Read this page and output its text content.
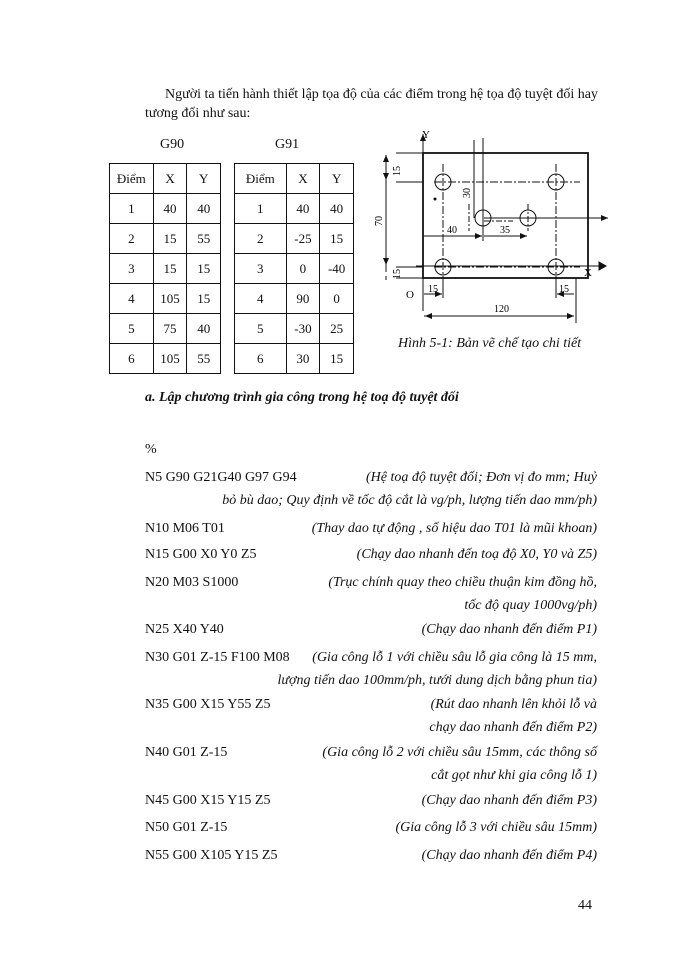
Người ta tiến hành thiết lập tọa độ của các điểm trong hệ tọa độ tuyệt đối hay
tương đối như sau:
G90	G91
Điểm	X	Y
1	40	40
2	15	55
3	15	15
4	105	15
5	75	40
6	105	55
Điểm	X	Y
1	40	40
2	-25	15
3	0	-40
4	90	0
5	-30	25
6	30	15
Y
X
O
15
70
15
30
40	35
15	15
120
Hình 5-1: Bản vẽ chế tạo chi tiết
a. Lập chương trình gia công trong hệ toạ độ tuyệt đối
%
N5 G90 G21G40 G97 G94	(Hệ toạ độ tuyệt đối; Đơn vị đo mm; Huỷ
bỏ bù dao; Quy định về tốc độ cắt là vg/ph, lượng tiến dao mm/ph)
N10 M06 T01	(Thay dao tự động , số hiệu dao T01 là mũi khoan)
N15 G00 X0 Y0 Z5	(Chạy dao nhanh đến toạ độ X0, Y0 và Z5)
N20 M03 S1000	(Trục chính quay theo chiều thuận kim đồng hồ,
tốc độ quay 1000vg/ph)
N25 X40 Y40	(Chạy dao nhanh đến điểm P1)
N30 G01 Z-15 F100 M08 (Gia công lỗ 1 với chiều sâu lỗ gia công là 15 mm,
lượng tiến dao 100mm/ph, tưới dung dịch bằng phun tia)
N35 G00 X15 Y55 Z5	(Rút dao nhanh lên khỏi lỗ và
chạy dao nhanh đến điểm P2)
N40 G01 Z-15	(Gia công lỗ 2 với chiều sâu 15mm, các thông số
cắt gọt như khi gia công lỗ 1)
N45 G00 X15 Y15 Z5	(Chạy dao nhanh đến điểm P3)
N50 G01 Z-15	(Gia công lỗ 3 với chiều sâu 15mm)
N55 G00 X105 Y15 Z5	(Chạy dao nhanh đến điểm P4)
44
